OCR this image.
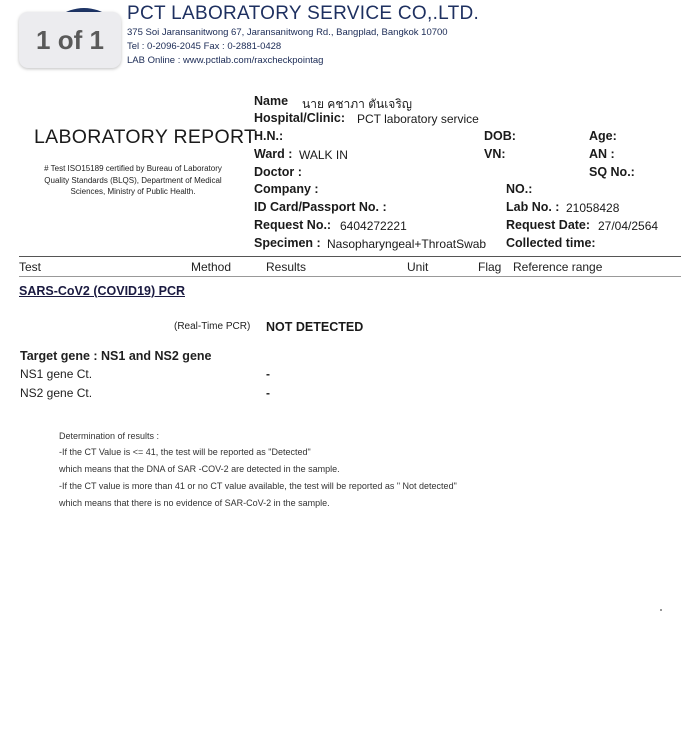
1 of 1
PCT LABORATORY SERVICE CO,.LTD.
375 Soi Jaransanitwong 67, Jaransanitwong Rd., Bangplad, Bangkok 10700
Tel : 0-2096-2045 Fax : 0-2881-0428
LAB Online : www.pctlab.com/raxcheckpointag
LABORATORY REPORT
# Test ISO15189 certified by Bureau of Laboratory
Quality Standards (BLQS), Department of Medical
Sciences, Ministry of Public Health.
Name นาย คชาภา ตันเจริญ
Hospital/Clinic: PCT laboratory service
H.N.:	DOB:	Age:
Ward : WALK IN	VN:	AN :
Doctor :	SQ No.:
Company :	NO.:
ID Card/Passport No. :	Lab No. : 21058428
Request No.: 6404272221	Request Date: 27/04/2564
Specimen : Nasopharyngeal+ThroatSwab Collected time:
Test	Method	Results	Unit	Flag Reference range
SARS-CoV2 (COVID19) PCR
(Real-Time PCR) NOT DETECTED
Target gene : NS1 and NS2 gene
NS1 gene Ct.	-
NS2 gene Ct.	-
Determination of results :
-If the CT Value is <= 41, the test will be reported as "Detected"
which means that the DNA of SAR -COV-2 are detected in the sample.
-If the CT value is more than 41 or no CT value available, the test will be reported as " Not detected"
which means that there is no evidence of SAR-CoV-2 in the sample.
